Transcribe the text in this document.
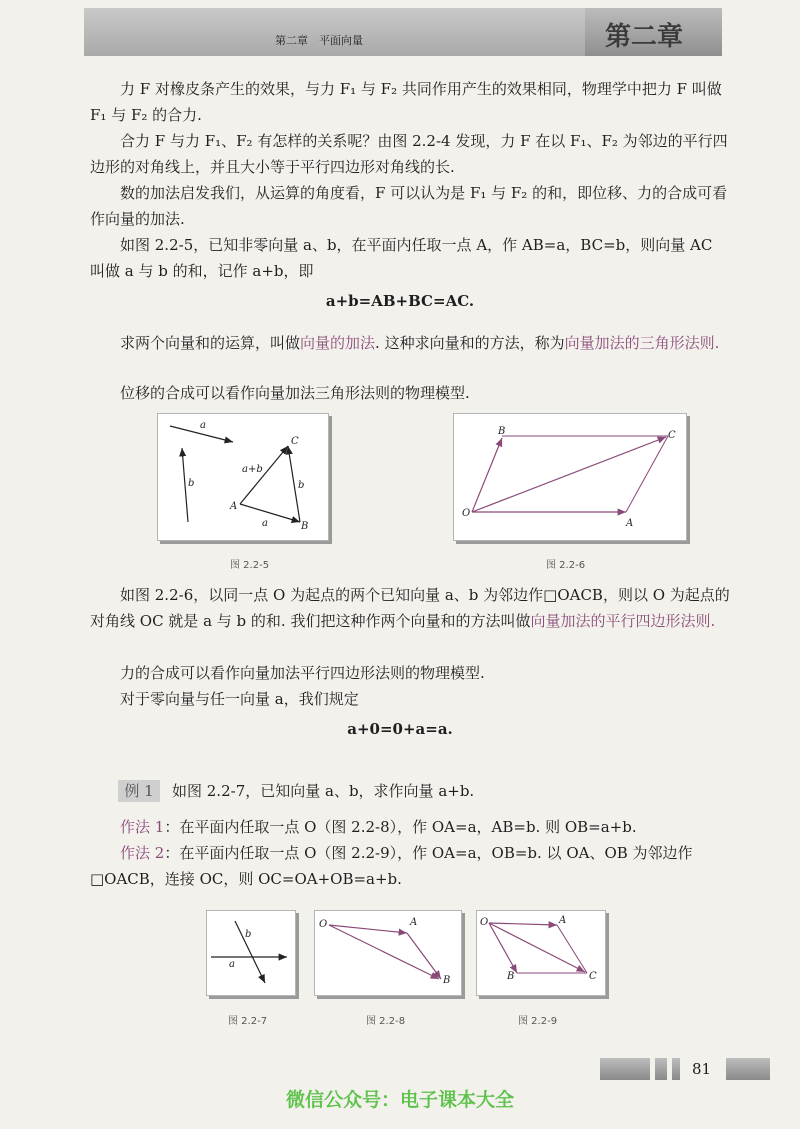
第二章　平面向量	第二章

力 F 对橡皮条产生的效果，与力 F₁ 与 F₂ 共同作用产生的效果相同，物理学中把力 F 叫做 F₁ 与 F₂ 的合力.

合力 F 与力 F₁、F₂ 有怎样的关系呢？由图 2.2-4 发现，力 F 在以 F₁、F₂ 为邻边的平行四边形的对角线上，并且大小等于平行四边形对角线的长.

数的加法启发我们，从运算的角度看，F 可以认为是 F₁ 与 F₂ 的和，即位移、力的合成可看作向量的加法.

如图 2.2-5，已知非零向量 a、b，在平面内任取一点 A，作 AB=a，BC=b，则向量 AC 叫做 a 与 b 的和，记作 a+b，即

a+b=AB+BC=AC.

求两个向量和的运算，叫做向量的加法. 这种求向量和的方法，称为向量加法的三角形法则.

位移的合成可以看作向量加法三角形法则的物理模型.

a
b
A
B
C
a+b
b
a
图 2.2-5
O
B
A
C
图 2.2-6

如图 2.2-6，以同一点 O 为起点的两个已知向量 a、b 为邻边作□OACB，则以 O 为起点的对角线 OC 就是 a 与 b 的和. 我们把这种作两个向量和的方法叫做向量加法的平行四边形法则.

力的合成可以看作向量加法平行四边形法则的物理模型.

对于零向量与任一向量 a，我们规定

a+0=0+a=a.
例 1	如图 2.2-7，已知向量 a、b，求作向量 a+b.

作法 1：在平面内任取一点 O（图 2.2-8），作 OA=a，AB=b. 则 OB=a+b.

作法 2：在平面内任取一点 O（图 2.2-9），作 OA=a，OB=b. 以 OA、OB 为邻边作□OACB，连接 OC，则 OC=OA+OB=a+b.

b
a
图 2.2-7
O	A
B
图 2.2-8
O	A
B	C
图 2.2-9
81
微信公众号：电子课本大全
